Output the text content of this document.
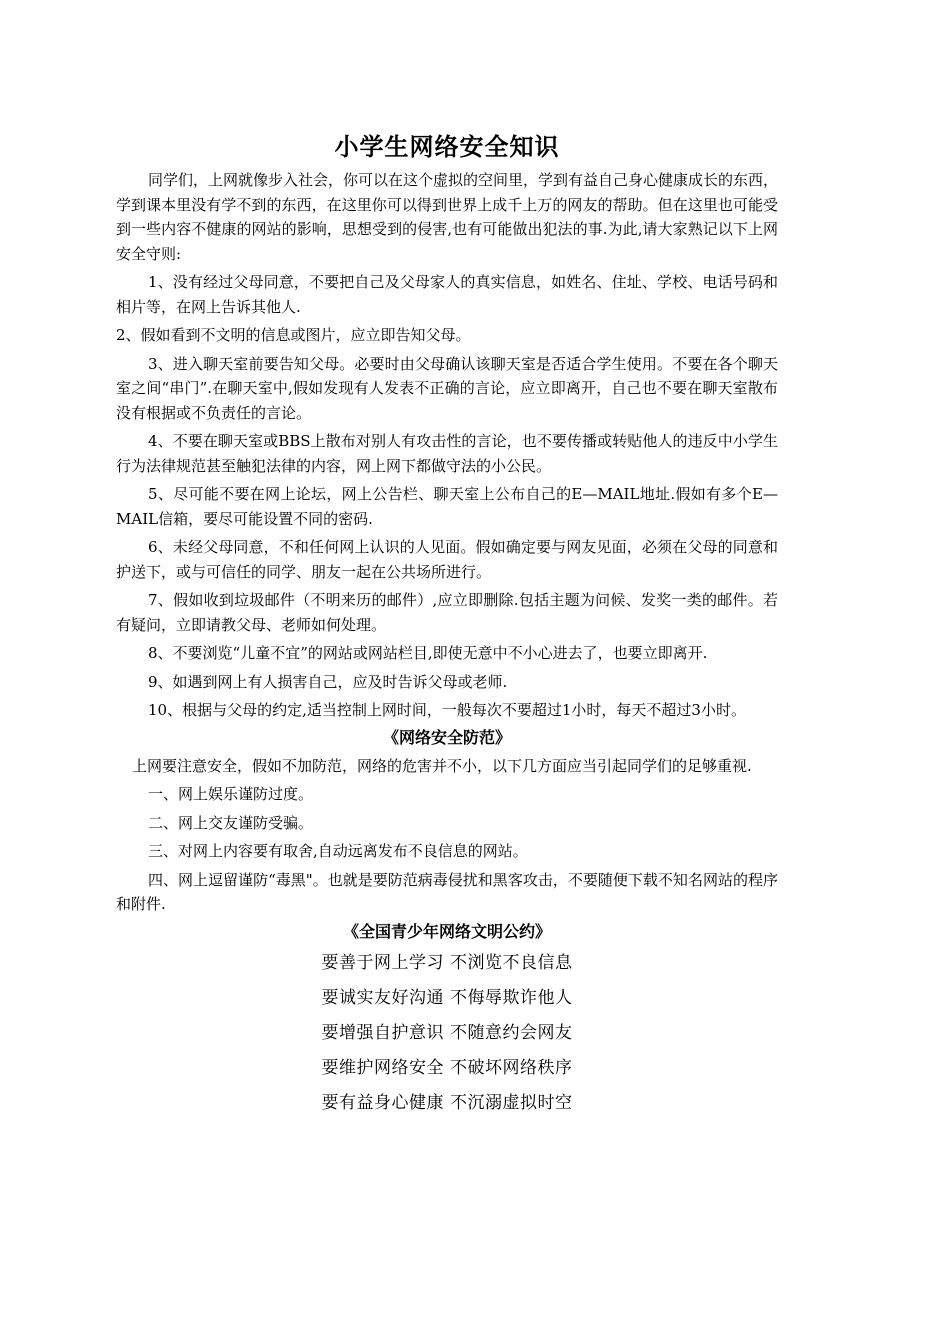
小学生网络安全知识

同学们，上网就像步入社会，你可以在这个虚拟的空间里，学到有益自己身心健康成长的东西，学到课本里没有学不到的东西，在这里你可以得到世界上成千上万的网友的帮助。但在这里也可能受到一些内容不健康的网站的影响，思想受到的侵害,也有可能做出犯法的事.为此,请大家熟记以下上网安全守则:

1、没有经过父母同意，不要把自己及父母家人的真实信息，如姓名、住址、学校、电话号码和相片等，在网上告诉其他人.

2、假如看到不文明的信息或图片，应立即告知父母。

3、进入聊天室前要告知父母。必要时由父母确认该聊天室是否适合学生使用。不要在各个聊天室之间“串门”.在聊天室中,假如发现有人发表不正确的言论，应立即离开，自己也不要在聊天室散布没有根据或不负责任的言论。

4、不要在聊天室或BBS上散布对别人有攻击性的言论，也不要传播或转贴他人的违反中小学生行为法律规范甚至触犯法律的内容，网上网下都做守法的小公民。

5、尽可能不要在网上论坛，网上公告栏、聊天室上公布自己的E—MAIL地址.假如有多个E—MAIL信箱，要尽可能设置不同的密码.

6、未经父母同意，不和任何网上认识的人见面。假如确定要与网友见面，必须在父母的同意和护送下，或与可信任的同学、朋友一起在公共场所进行。

7、假如收到垃圾邮件（不明来历的邮件）,应立即删除.包括主题为问候、发奖一类的邮件。若有疑问，立即请教父母、老师如何处理。

8、不要浏览“儿童不宜”的网站或网站栏目,即使无意中不小心进去了，也要立即离开.

9、如遇到网上有人损害自己，应及时告诉父母或老师.

10、根据与父母的约定,适当控制上网时间，一般每次不要超过1小时，每天不超过3小时。

《网络安全防范》

上网要注意安全，假如不加防范，网络的危害并不小，以下几方面应当引起同学们的足够重视.

一、网上娱乐谨防过度。

二、网上交友谨防受骗。

三、对网上内容要有取舍,自动远离发布不良信息的网站。

四、网上逗留谨防“毒黑"。也就是要防范病毒侵扰和黑客攻击，不要随便下载不知名网站的程序和附件.

《全国青少年网络文明公约》

要善于网上学习 不浏览不良信息

要诚实友好沟通 不侮辱欺诈他人

要增强自护意识 不随意约会网友

要维护网络安全 不破坏网络秩序

要有益身心健康 不沉溺虚拟时空
